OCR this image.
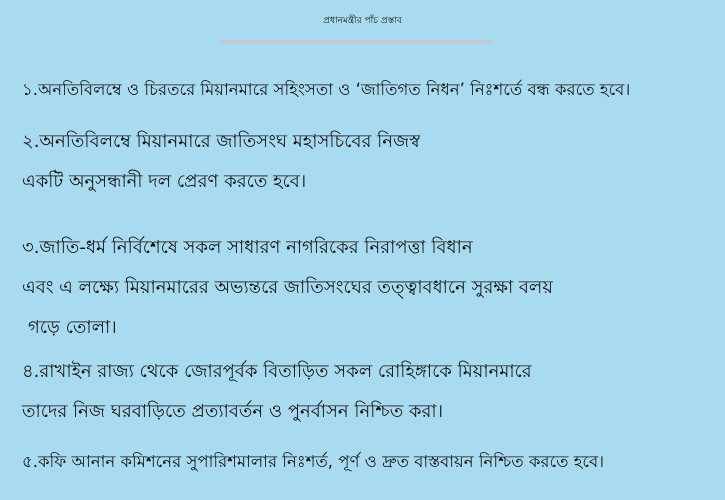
প্রধানমন্ত্রীর পাঁচ প্রস্তাব
১.অনতিবিলম্বে ও চিরতরে মিয়ানমারে সহিংসতা ও ‘জাতিগত নিধন’ নিঃশর্তে বন্ধ করতে হবে।
২.অনতিবিলম্বে মিয়ানমারে জাতিসংঘ মহাসচিবের নিজস্ব
একটি অনুসন্ধানী দল প্রেরণ করতে হবে।
৩.জাতি-ধর্ম নির্বিশেষে সকল সাধারণ নাগরিকের নিরাপত্তা বিধান
এবং এ লক্ষ্যে মিয়ানমারের অভ্যন্তরে জাতিসংঘের তত্ত্বাবধানে সুরক্ষা বলয়
গড়ে তোলা।
৪.রাখাইন রাজ্য থেকে জোরপূর্বক বিতাড়িত সকল রোহিঙ্গাকে মিয়ানমারে
তাদের নিজ ঘরবাড়িতে প্রত্যাবর্তন ও পুনর্বাসন নিশ্চিত করা।
৫.কফি আনান কমিশনের সুপারিশমালার নিঃশর্ত, পূর্ণ ও দ্রুত বাস্তবায়ন নিশ্চিত করতে হবে।
